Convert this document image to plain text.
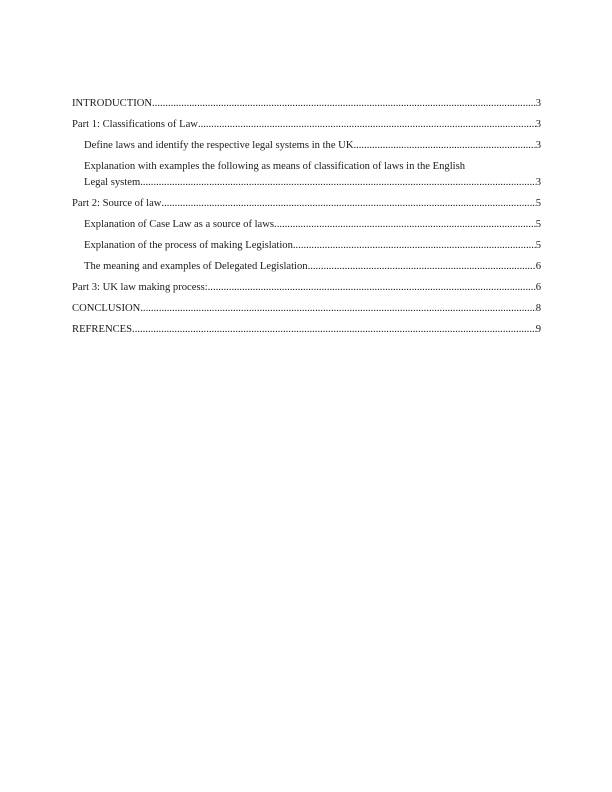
INTRODUCTION .....	3
Part 1: Classifications of Law .....	3
Define laws and identify the respective legal systems in the UK .....	3
Explanation with examples the following as means of classification of laws in the English
Legal system .....	3
Part 2: Source of law .....	5
Explanation of Case Law as a source of laws .....	5
Explanation of the process of making Legislation .....	5
The meaning and examples of Delegated Legislation .....	6
Part 3: UK law making process: .....	6
CONCLUSION .....	8
REFRENCES .....	9
